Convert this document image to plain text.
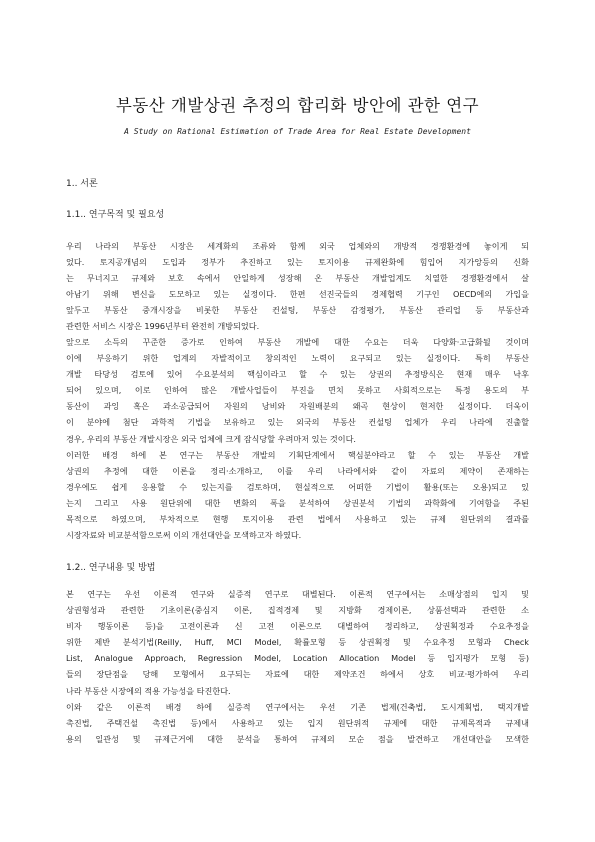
부동산 개발상권 추정의 합리화 방안에 관한 연구
A Study on Rational Estimation of Trade Area for Real Estate Development
1.. 서론
1.1.. 연구목적 및 필요성
우리 나라의 부동산 시장은 세계화의 조류와 함께 외국 업체와의 개방적 경쟁환경에 놓이게 되
었다. 토지공개념의 도입과 정부가 추진하고 있는 토지이용 규제완화에 힘입어 지가앙등의 신화
는 무너지고 규제와 보호 속에서 안일하게 성장해 온 부동산 개발업계도 치열한 경쟁환경에서 살
아남기 위해 변신을 도모하고 있는 실정이다. 한편 선진국들의 경제협력 기구인 OECD에의 가입을
앞두고 부동산 중개시장을 비롯한 부동산 컨설팅, 부동산 감정평가, 부동산 관리업 등 부동산과
관련한 서비스 시장은 1996년부터 완전히 개방되었다.
앞으로 소득의 꾸준한 증가로 인하여 부동산 개발에 대한 수요는 더욱 다양화·고급화될 것이며
이에 부응하기 위한 업계의 자발적이고 창의적인 노력이 요구되고 있는 실정이다. 특히 부동산
개발 타당성 검토에 있어 수요분석의 핵심이라고 할 수 있는 상권의 추정방식은 현재 매우 낙후
되어 있으며, 이로 인하여 많은 개발사업들이 부진을 면치 못하고 사회적으로는 특정 용도의 부
동산이 과잉 혹은 과소공급되어 자원의 낭비와 자원배분의 왜곡 현상이 현저한 실정이다. 더욱이
이 분야에 첨단 과학적 기법을 보유하고 있는 외국의 부동산 컨설팅 업체가 우리 나라에 진출할
경우, 우리의 부동산 개발시장은 외국 업체에 크게 잠식당할 우려마저 있는 것이다.
이러한 배경 하에 본 연구는 부동산 개발의 기획단계에서 핵심분야라고 할 수 있는 부동산 개발
상권의 추정에 대한 이론을 정리·소개하고, 이를 우리 나라에서와 같이 자료의 제약이 존재하는
경우에도 쉽게 응용할 수 있는지를 검토하며, 현실적으로 어떠한 기법이 활용(또는 오용)되고 있
는지 그리고 사용 원단위에 대한 변화의 폭을 분석하여 상권분석 기법의 과학화에 기여함을 주된
목적으로 하였으며, 부차적으로 현행 토지이용 관련 법에서 사용하고 있는 규제 원단위의 결과를
시장자료와 비교분석함으로써 이의 개선대안을 모색하고자 하였다.
1.2.. 연구내용 및 방법
본 연구는 우선 이론적 연구와 실증적 연구로 대별된다. 이론적 연구에서는 소매상점의 입지 및
상권형성과 관련한 기초이론(중심지 이론, 집적경제 및 지방화 경제이론, 상품선택과 관련한 소
비자 행동이론 등)을 고전이론과 신 고전 이론으로 대별하여 정리하고, 상권획정과 수요추정을
위한 제반 분석기법(Reilly, Huff, MCI Model, 확률모형 등 상권획정 및 수요추정 모형과 Check
List, Analogue Approach, Regression Model, Location Allocation Model 등 입지평가 모형 등)
들의 장단점을 당해 모형에서 요구되는 자료에 대한 제약조건 하에서 상호 비교·평가하여 우리
나라 부동산 시장에의 적용 가능성을 타진한다.
이와 같은 이론적 배경 하에 실증적 연구에서는 우선 기존 법제(건축법, 도시계획법, 택지개발
촉진법, 주택건설 촉진법 등)에서 사용하고 있는 입지 원단위적 규제에 대한 규제목적과 규제내
용의 일관성 및 규제근거에 대한 분석을 통하여 규제의 모순 점을 발견하고 개선대안을 모색한
